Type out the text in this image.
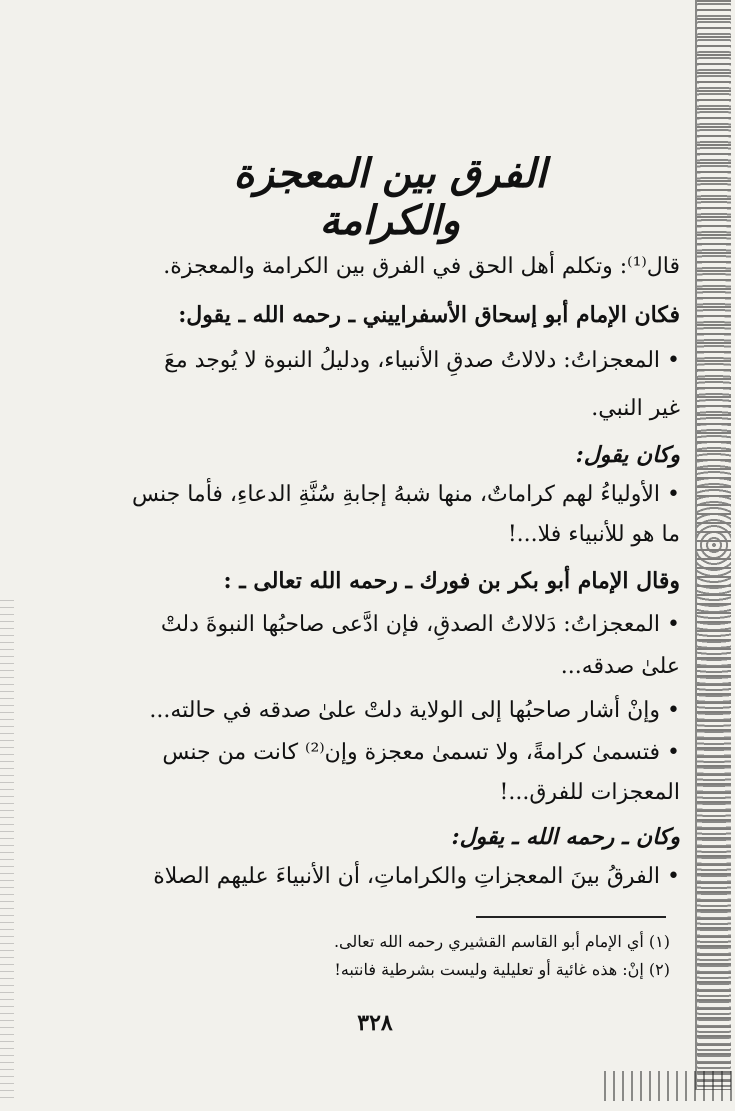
الفرق بين المعجزة والكرامة
قال⁽¹⁾: وتكلم أهل الحق في الفرق بين الكرامة والمعجزة.
فكان الإمام أبو إسحاق الأسفراييني ـ رحمه الله ـ يقول:
• المعجزاتُ: دلالاتُ صدقِ الأنبياء، ودليلُ النبوة لا يُوجد معَ
غير النبي.
وكان يقول:
• الأولياءُ لهم كراماتٌ، منها شبهُ إجابةِ سُنَّةِ الدعاءِ، فأما جنس
ما هو للأنبياء فلا...!
وقال الإمام أبو بكر بن فورك ـ رحمه الله تعالى ـ :
• المعجزاتُ: دَلالاتُ الصدقِ، فإن ادَّعى صاحبُها النبوةَ دلتْ
علىٰ صدقه...
• وإنْ أشار صاحبُها إلى الولاية دلتْ علىٰ صدقه في حالته...
• فتسمىٰ كرامةً، ولا تسمىٰ معجزة وإن⁽²⁾ كانت من جنس
المعجزات للفرق...!
وكان ـ رحمه الله ـ يقول:
• الفرقُ بينَ المعجزاتِ والكراماتِ، أن الأنبياءَ عليهم الصلاة
(١) أي الإمام أبو القاسم القشيري رحمه الله تعالى.
(٢) إنْ: هذه غائية أو تعليلية وليست بشرطية فانتبه!
٣٢٨
